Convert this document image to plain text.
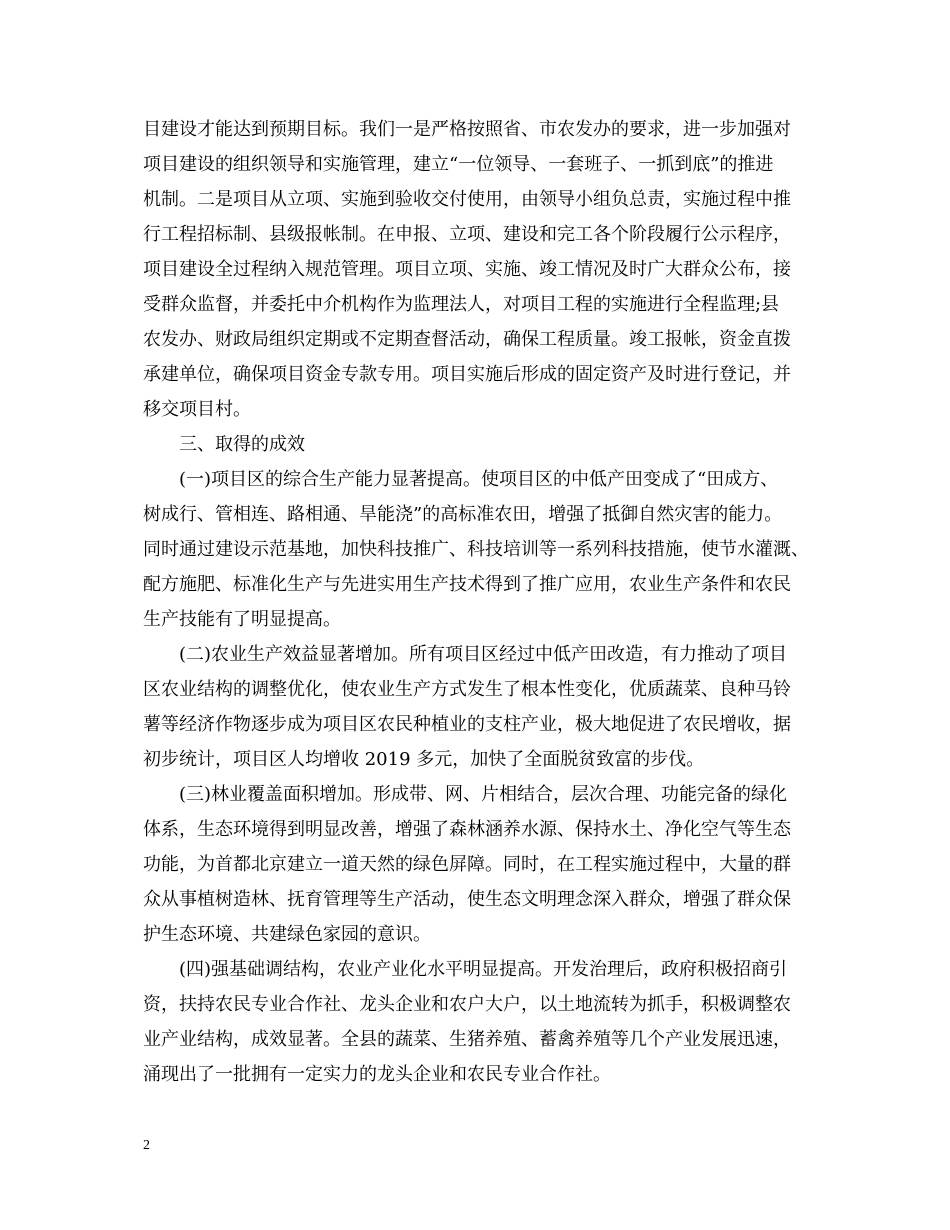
目建设才能达到预期目标。我们一是严格按照省、市农发办的要求，进一步加强对
项目建设的组织领导和实施管理，建立“一位领导、一套班子、一抓到底”的推进
机制。二是项目从立项、实施到验收交付使用，由领导小组负总责，实施过程中推
行工程招标制、县级报帐制。在申报、立项、建设和完工各个阶段履行公示程序，
项目建设全过程纳入规范管理。项目立项、实施、竣工情况及时广大群众公布，接
受群众监督，并委托中介机构作为监理法人，对项目工程的实施进行全程监理;县
农发办、财政局组织定期或不定期查督活动，确保工程质量。竣工报帐，资金直拨
承建单位，确保项目资金专款专用。项目实施后形成的固定资产及时进行登记，并
移交项目村。
三、取得的成效
(一)项目区的综合生产能力显著提高。使项目区的中低产田变成了“田成方、
树成行、管相连、路相通、旱能浇”的高标准农田，增强了抵御自然灾害的能力。
同时通过建设示范基地，加快科技推广、科技培训等一系列科技措施，使节水灌溉、
配方施肥、标准化生产与先进实用生产技术得到了推广应用，农业生产条件和农民
生产技能有了明显提高。
(二)农业生产效益显著增加。所有项目区经过中低产田改造，有力推动了项目
区农业结构的调整优化，使农业生产方式发生了根本性变化，优质蔬菜、良种马铃
薯等经济作物逐步成为项目区农民种植业的支柱产业，极大地促进了农民增收，据
初步统计，项目区人均增收 2019 多元，加快了全面脱贫致富的步伐。
(三)林业覆盖面积增加。形成带、网、片相结合，层次合理、功能完备的绿化
体系，生态环境得到明显改善，增强了森林涵养水源、保持水土、净化空气等生态
功能，为首都北京建立一道天然的绿色屏障。同时，在工程实施过程中，大量的群
众从事植树造林、抚育管理等生产活动，使生态文明理念深入群众，增强了群众保
护生态环境、共建绿色家园的意识。
(四)强基础调结构，农业产业化水平明显提高。开发治理后，政府积极招商引
资，扶持农民专业合作社、龙头企业和农户大户，以土地流转为抓手，积极调整农
业产业结构，成效显著。全县的蔬菜、生猪养殖、蓄禽养殖等几个产业发展迅速，
涌现出了一批拥有一定实力的龙头企业和农民专业合作社。
2
